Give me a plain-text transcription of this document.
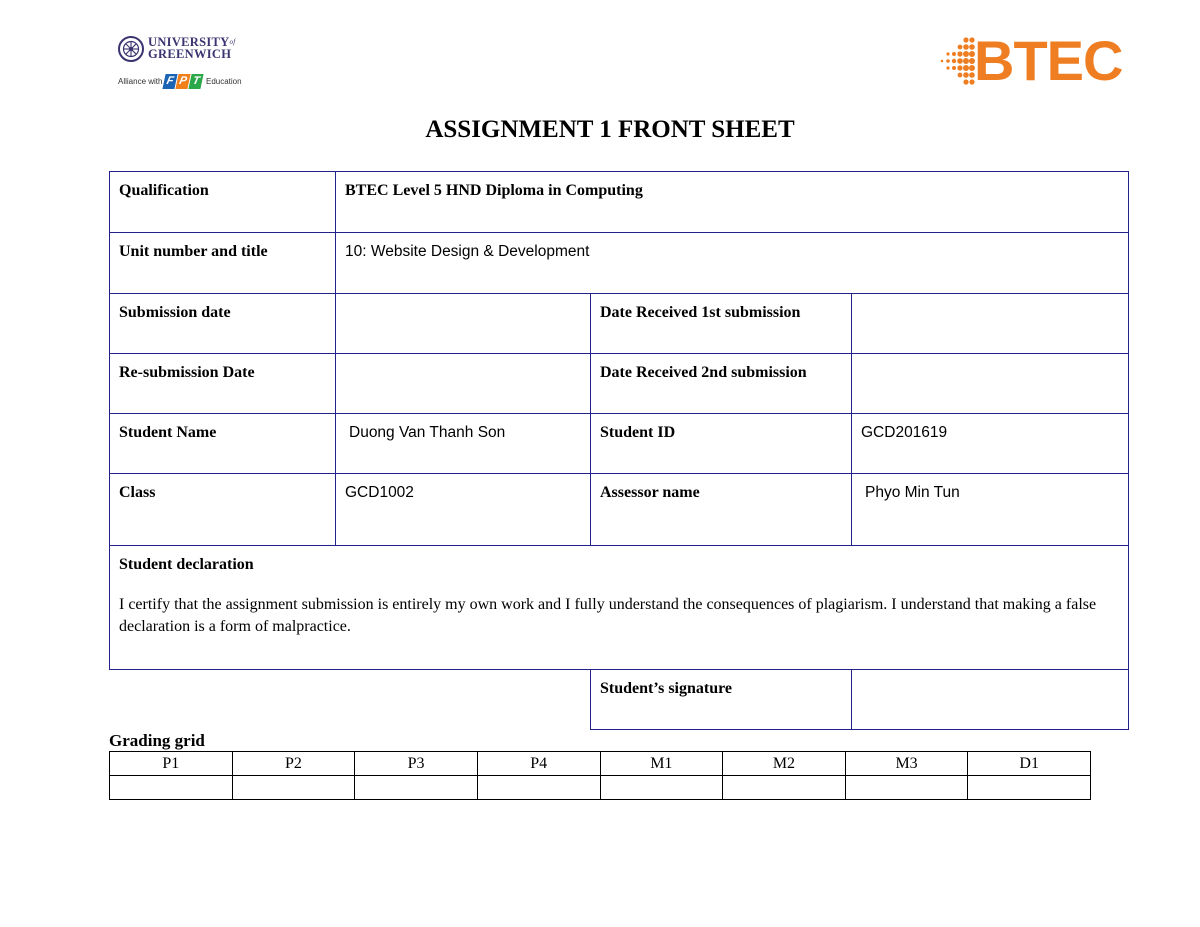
$UNIVERSITY^{of}$
GREENWICH
Alliance with F P T Education	BTEC
ASSIGNMENT 1 FRONT SHEET
Qualification	BTEC Level 5 HND Diploma in Computing		
Unit number and title	10: Website Design & Development		
Submission date		Date Received 1st submission	
Re-submission Date		Date Received 2nd submission	
Student Name	Duong Van Thanh Son	Student ID	GCD201619
Class	GCD1002	Assessor name	Phyo Min Tun

Student declaration
I certify that the assignment submission is entirely my own work and I fully understand the consequences of plagiarism. I understand that making a false declaration is a form of malpractice.			
Student’s signature	
Grading grid
P1	P2	P3	P4	M1	M2	M3	D1
